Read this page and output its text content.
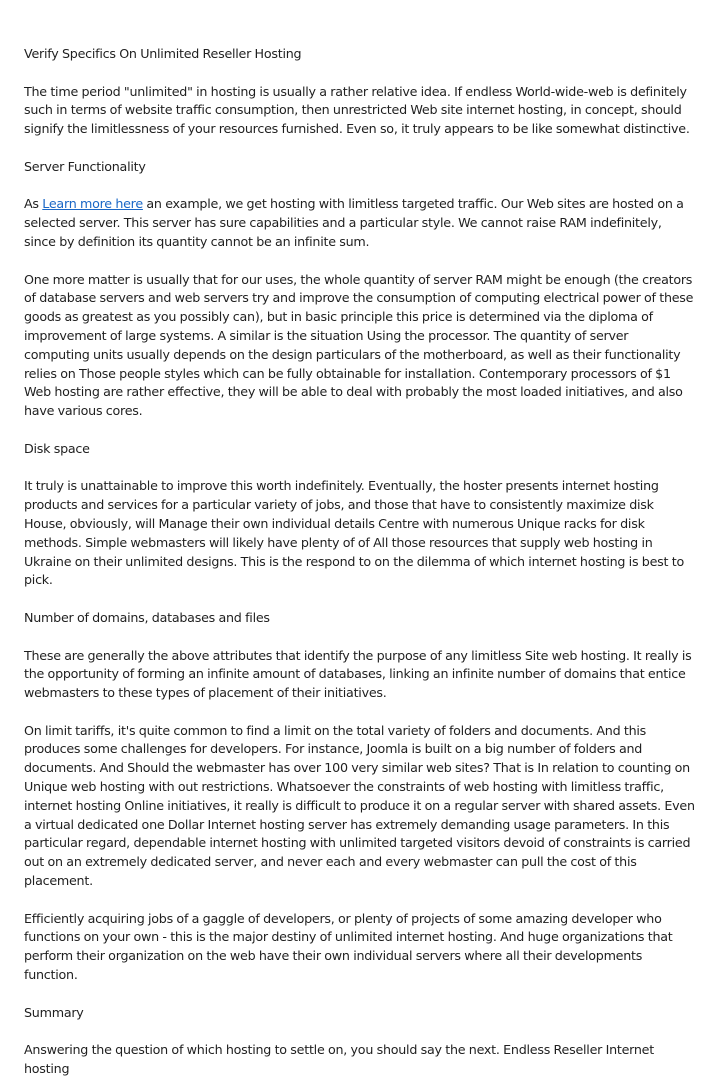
Verify Specifics On Unlimited Reseller Hosting

The time period "unlimited" in hosting is usually a rather relative idea. If endless World-wide-web is definitely such in terms of website traffic consumption, then unrestricted Web site internet hosting, in concept, should signify the limitlessness of your resources furnished. Even so, it truly appears to be like somewhat distinctive.

Server Functionality

As Learn more here an example, we get hosting with limitless targeted traffic. Our Web sites are hosted on a selected server. This server has sure capabilities and a particular style. We cannot raise RAM indefinitely, since by definition its quantity cannot be an infinite sum.

One more matter is usually that for our uses, the whole quantity of server RAM might be enough (the creators of database servers and web servers try and improve the consumption of computing electrical power of these goods as greatest as you possibly can), but in basic principle this price is determined via the diploma of improvement of large systems. A similar is the situation Using the processor. The quantity of server computing units usually depends on the design particulars of the motherboard, as well as their functionality relies on Those people styles which can be fully obtainable for installation. Contemporary processors of $1 Web hosting are rather effective, they will be able to deal with probably the most loaded initiatives, and also have various cores.

Disk space

It truly is unattainable to improve this worth indefinitely. Eventually, the hoster presents internet hosting products and services for a particular variety of jobs, and those that have to consistently maximize disk House, obviously, will Manage their own individual details Centre with numerous Unique racks for disk methods. Simple webmasters will likely have plenty of of All those resources that supply web hosting in Ukraine on their unlimited designs. This is the respond to on the dilemma of which internet hosting is best to pick.

Number of domains, databases and files

These are generally the above attributes that identify the purpose of any limitless Site web hosting. It really is the opportunity of forming an infinite amount of databases, linking an infinite number of domains that entice webmasters to these types of placement of their initiatives.

On limit tariffs, it's quite common to find a limit on the total variety of folders and documents. And this produces some challenges for developers. For instance, Joomla is built on a big number of folders and documents. And Should the webmaster has over 100 very similar web sites? That is In relation to counting on Unique web hosting with out restrictions. Whatsoever the constraints of web hosting with limitless traffic, internet hosting Online initiatives, it really is difficult to produce it on a regular server with shared assets. Even a virtual dedicated one Dollar Internet hosting server has extremely demanding usage parameters. In this particular regard, dependable internet hosting with unlimited targeted visitors devoid of constraints is carried out on an extremely dedicated server, and never each and every webmaster can pull the cost of this placement.

Efficiently acquiring jobs of a gaggle of developers, or plenty of projects of some amazing developer who functions on your own - this is the major destiny of unlimited internet hosting. And huge organizations that perform their organization on the web have their own individual servers where all their developments function.

Summary

Answering the question of which hosting to settle on, you should say the next. Endless Reseller Internet hosting
